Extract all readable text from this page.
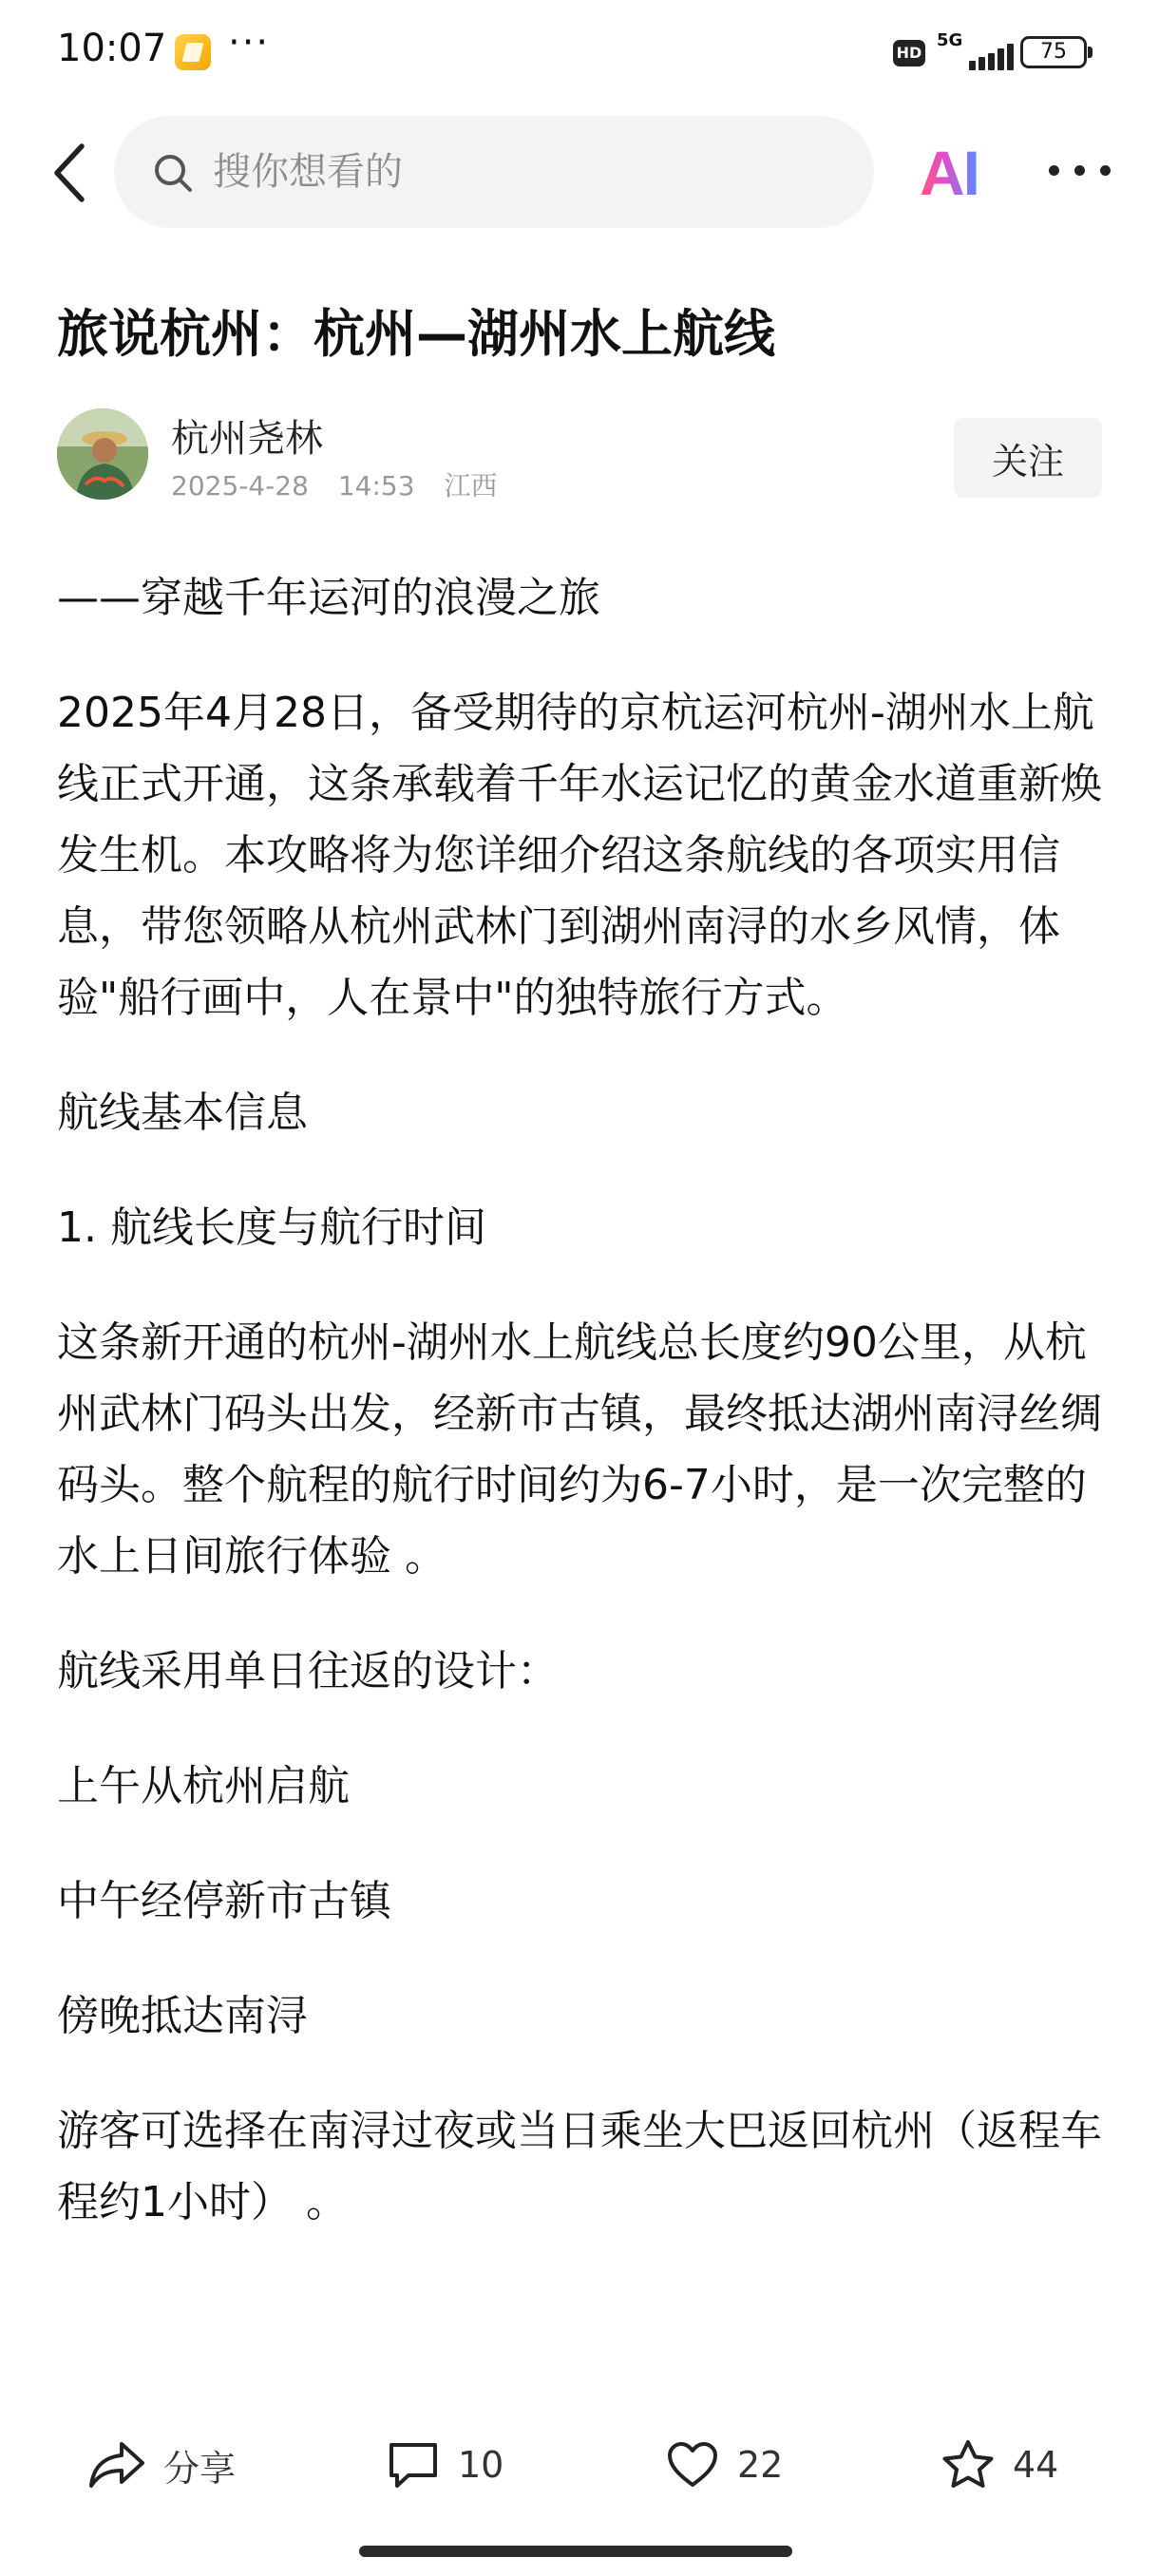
10:07 ···	HD
5G	75
搜你想看的
AI
旅说杭州：杭州—湖州水上航线
杭州尧林
2025-4-28 14:53 江西
关注

——穿越千年运河的浪漫之旅

2025年4月28日，备受期待的京杭运河杭州-湖州水上航线正式开通，这条承载着千年水运记忆的黄金水道重新焕发生机。本攻略将为您详细介绍这条航线的各项实用信息，带您领略从杭州武林门到湖州南浔的水乡风情，体验"船行画中，人在景中"的独特旅行方式。

航线基本信息

1. 航线长度与航行时间

这条新开通的杭州-湖州水上航线总长度约90公里，从杭州武林门码头出发，经新市古镇，最终抵达湖州南浔丝绸码头。整个航程的航行时间约为6-7小时，是一次完整的水上日间旅行体验 。

航线采用单日往返的设计：

上午从杭州启航

中午经停新市古镇

傍晚抵达南浔

游客可选择在南浔过夜或当日乘坐大巴返回杭州（返程车程约1小时） 。

分享	10	22	44
